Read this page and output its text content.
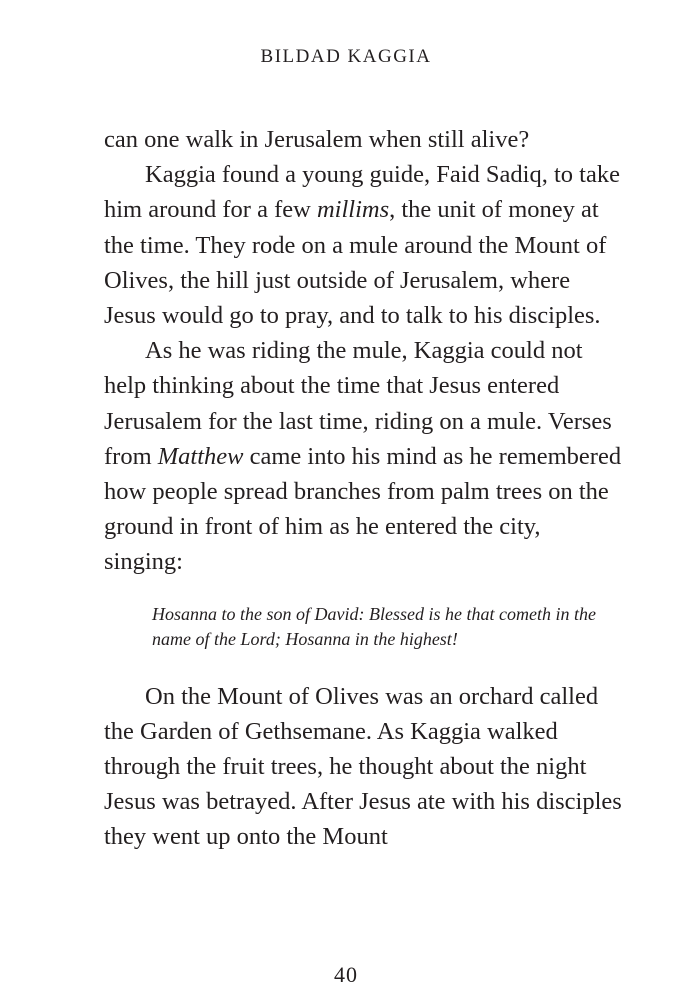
BILDAD KAGGIA

can one walk in Jerusalem when still alive?

Kaggia found a young guide, Faid Sadiq, to take him around for a few millims, the unit of money at the time. They rode on a mule around the Mount of Olives, the hill just outside of Jerusalem, where Jesus would go to pray, and to talk to his disciples.

As he was riding the mule, Kaggia could not help thinking about the time that Jesus entered Jerusalem for the last time, riding on a mule. Verses from Matthew came into his mind as he remembered how people spread branches from palm trees on the ground in front of him as he entered the city, singing:

Hosanna to the son of David: Blessed is he that cometh in the name of the Lord; Hosanna in the highest!

On the Mount of Olives was an orchard called the Garden of Gethsemane. As Kaggia walked through the fruit trees, he thought about the night Jesus was betrayed. After Jesus ate with his disciples they went up onto the Mount

40
